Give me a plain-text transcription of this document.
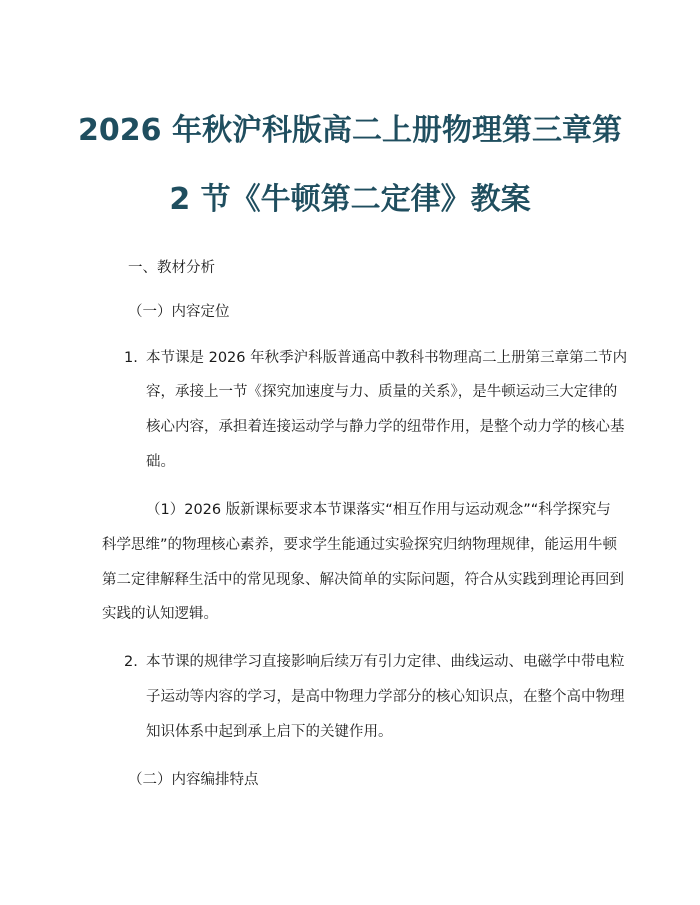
2026 年秋沪科版高二上册物理第三章第
2 节《牛顿第二定律》教案
一、教材分析
（一）内容定位
1. 本节课是 2026 年秋季沪科版普通高中教科书物理高二上册第三章第二节内
容，承接上一节《探究加速度与力、质量的关系》，是牛顿运动三大定律的
核心内容，承担着连接运动学与静力学的纽带作用，是整个动力学的核心基
础。
（1）2026 版新课标要求本节课落实“相互作用与运动观念”“科学探究与
科学思维”的物理核心素养，要求学生能通过实验探究归纳物理规律，能运用牛顿
第二定律解释生活中的常见现象、解决简单的实际问题，符合从实践到理论再回到
实践的认知逻辑。
2. 本节课的规律学习直接影响后续万有引力定律、曲线运动、电磁学中带电粒
子运动等内容的学习，是高中物理力学部分的核心知识点，在整个高中物理
知识体系中起到承上启下的关键作用。
（二）内容编排特点
